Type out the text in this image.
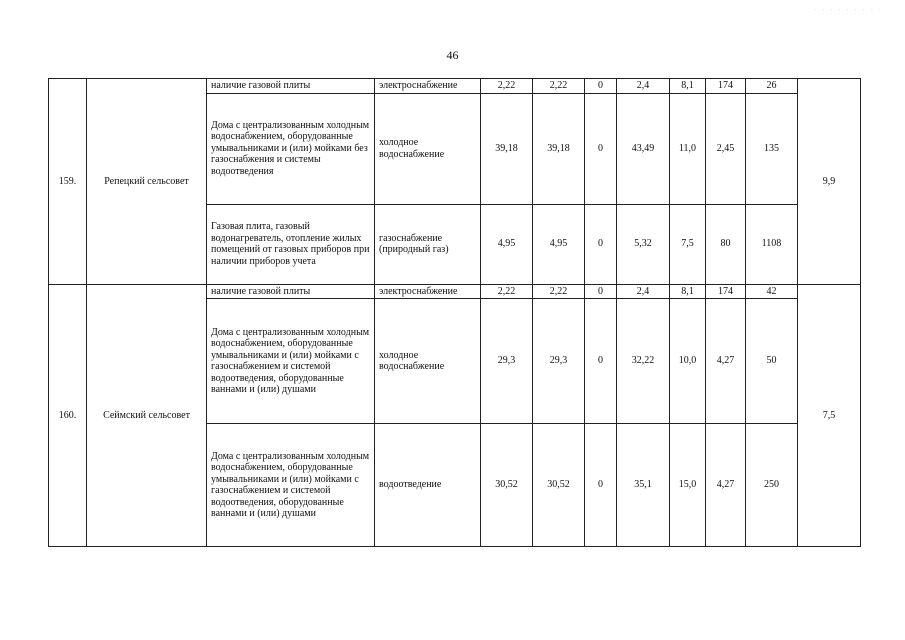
46
· · · · · · · · ·
159.	Репецкий сельсовет	наличие газовой плиты	электроснабжение	2,22	2,22	0	2,4	8,1	174	26	9,9
		Дома с централизованным холодным водоснабжением, оборудованные умывальниками и (или) мойками без газоснабжения и системы водоотведения	холодное водоснабжение	39,18	39,18	0	43,49	11,0	2,45	135	
		Газовая плита, газовый водонагреватель, отопление жилых помещений от газовых приборов при наличии приборов учета	газоснабжение (природный газ)	4,95	4,95	0	5,32	7,5	80	1108	
160.	Сеймский сельсовет	наличие газовой плиты	электроснабжение	2,22	2,22	0	2,4	8,1	174	42	7,5
		Дома с централизованным холодным водоснабжением, оборудованные умывальниками и (или) мойками с газоснабжением и системой водоотведения, оборудованные ваннами и (или) душами	холодное водоснабжение	29,3	29,3	0	32,22	10,0	4,27	50	
		Дома с централизованным холодным водоснабжением, оборудованные умывальниками и (или) мойками с газоснабжением и системой водоотведения, оборудованные ваннами и (или) душами	водоотведение	30,52	30,52	0	35,1	15,0	4,27	250	
